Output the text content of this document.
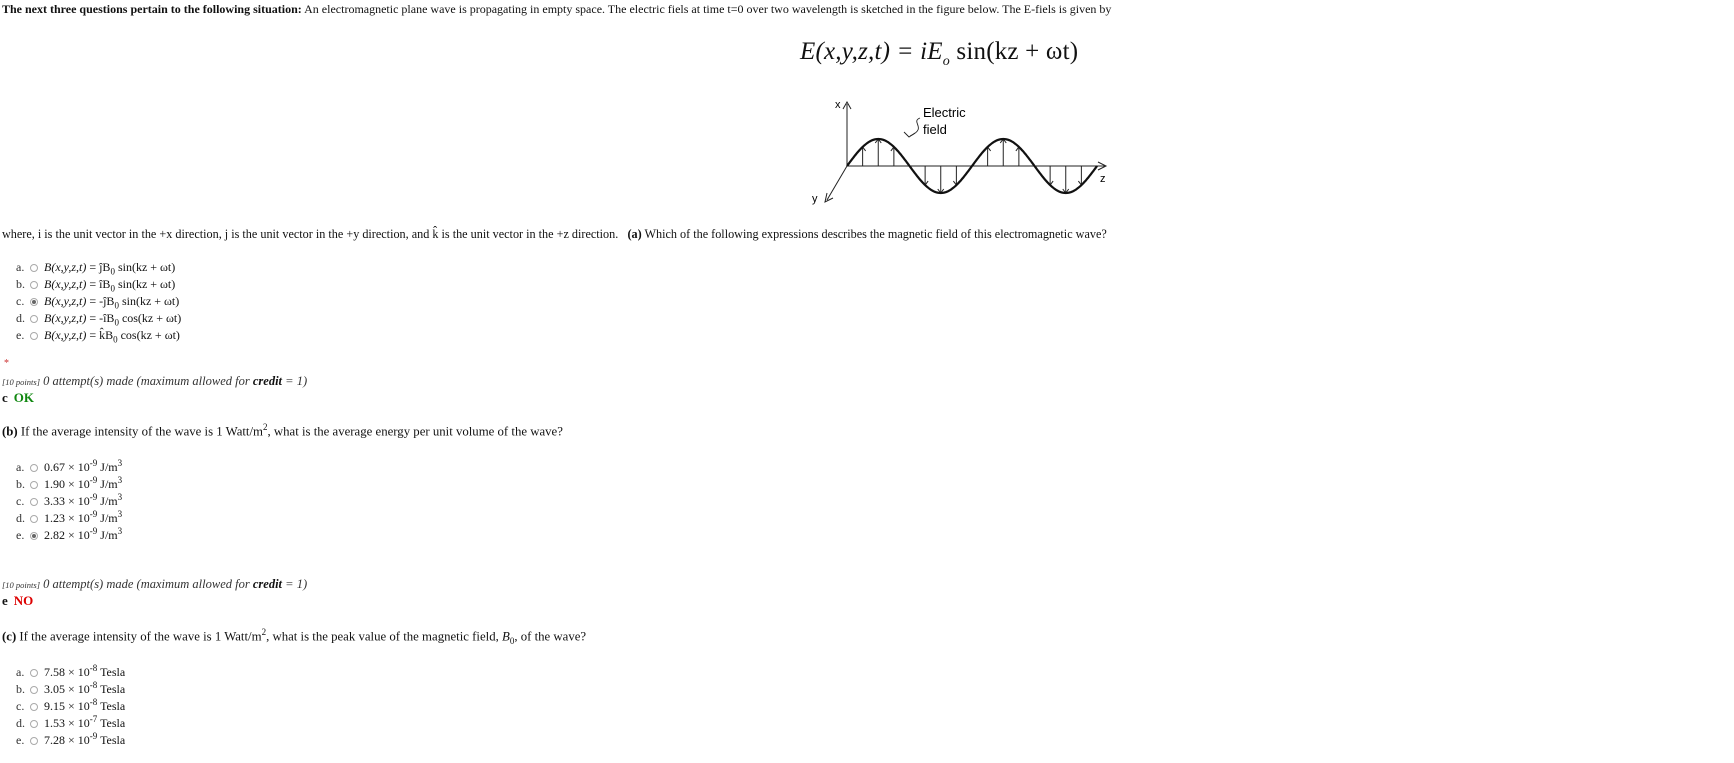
The next three questions pertain to the following situation: An electromagnetic plane wave is propagating in empty space. The electric fiels at time t=0 over two wavelength is sketched in the figure below. The E-fiels is given by
$E(x,y,z,t) = iE_o$ sin(kz + ωt)
x
y
z
Electric
field
where, i is the unit vector in the +x direction, j is the unit vector in the +y direction, and k̂ is the unit vector in the +z direction. (a) Which of the following expressions describes the magnetic field of this electromagnetic wave?
a. $B(x,y,z,t) = ĵB_0$ sin(kz + ωt)
b. $B(x,y,z,t) = îB_0$ sin(kz + ωt)
c. $B(x,y,z,t) = -ĵB_0$ sin(kz + ωt)
d. $B(x,y,z,t) = -îB_0$ cos(kz + ωt)
e. $B(x,y,z,t) = k̂B_0$ cos(kz + ωt)
*
[10 points] 0 attempt(s) made (maximum allowed for credit = 1)
c OK
(b) If the average intensity of the wave is 1 Watt/$m^2$, what is the average energy per unit volume of the wave?
a. $0.67 \times 10^{-9}$ $J/m^3$
b. $1.90 \times 10^{-9}$ $J/m^3$
c. $3.33 \times 10^{-9}$ $J/m^3$
d. $1.23 \times 10^{-9}$ $J/m^3$
e. $2.82 \times 10^{-9}$ $J/m^3$
[10 points] 0 attempt(s) made (maximum allowed for credit = 1)
e NO
(c) If the average intensity of the wave is 1 Watt/$m^2$, what is the peak value of the magnetic field, $B_0$, of the wave?
a. $7.58 \times 10^{-8}$ Tesla
b. $3.05 \times 10^{-8}$ Tesla
c. $9.15 \times 10^{-8}$ Tesla
d. $1.53 \times 10^{-7}$ Tesla
e. $7.28 \times 10^{-9}$ Tesla
